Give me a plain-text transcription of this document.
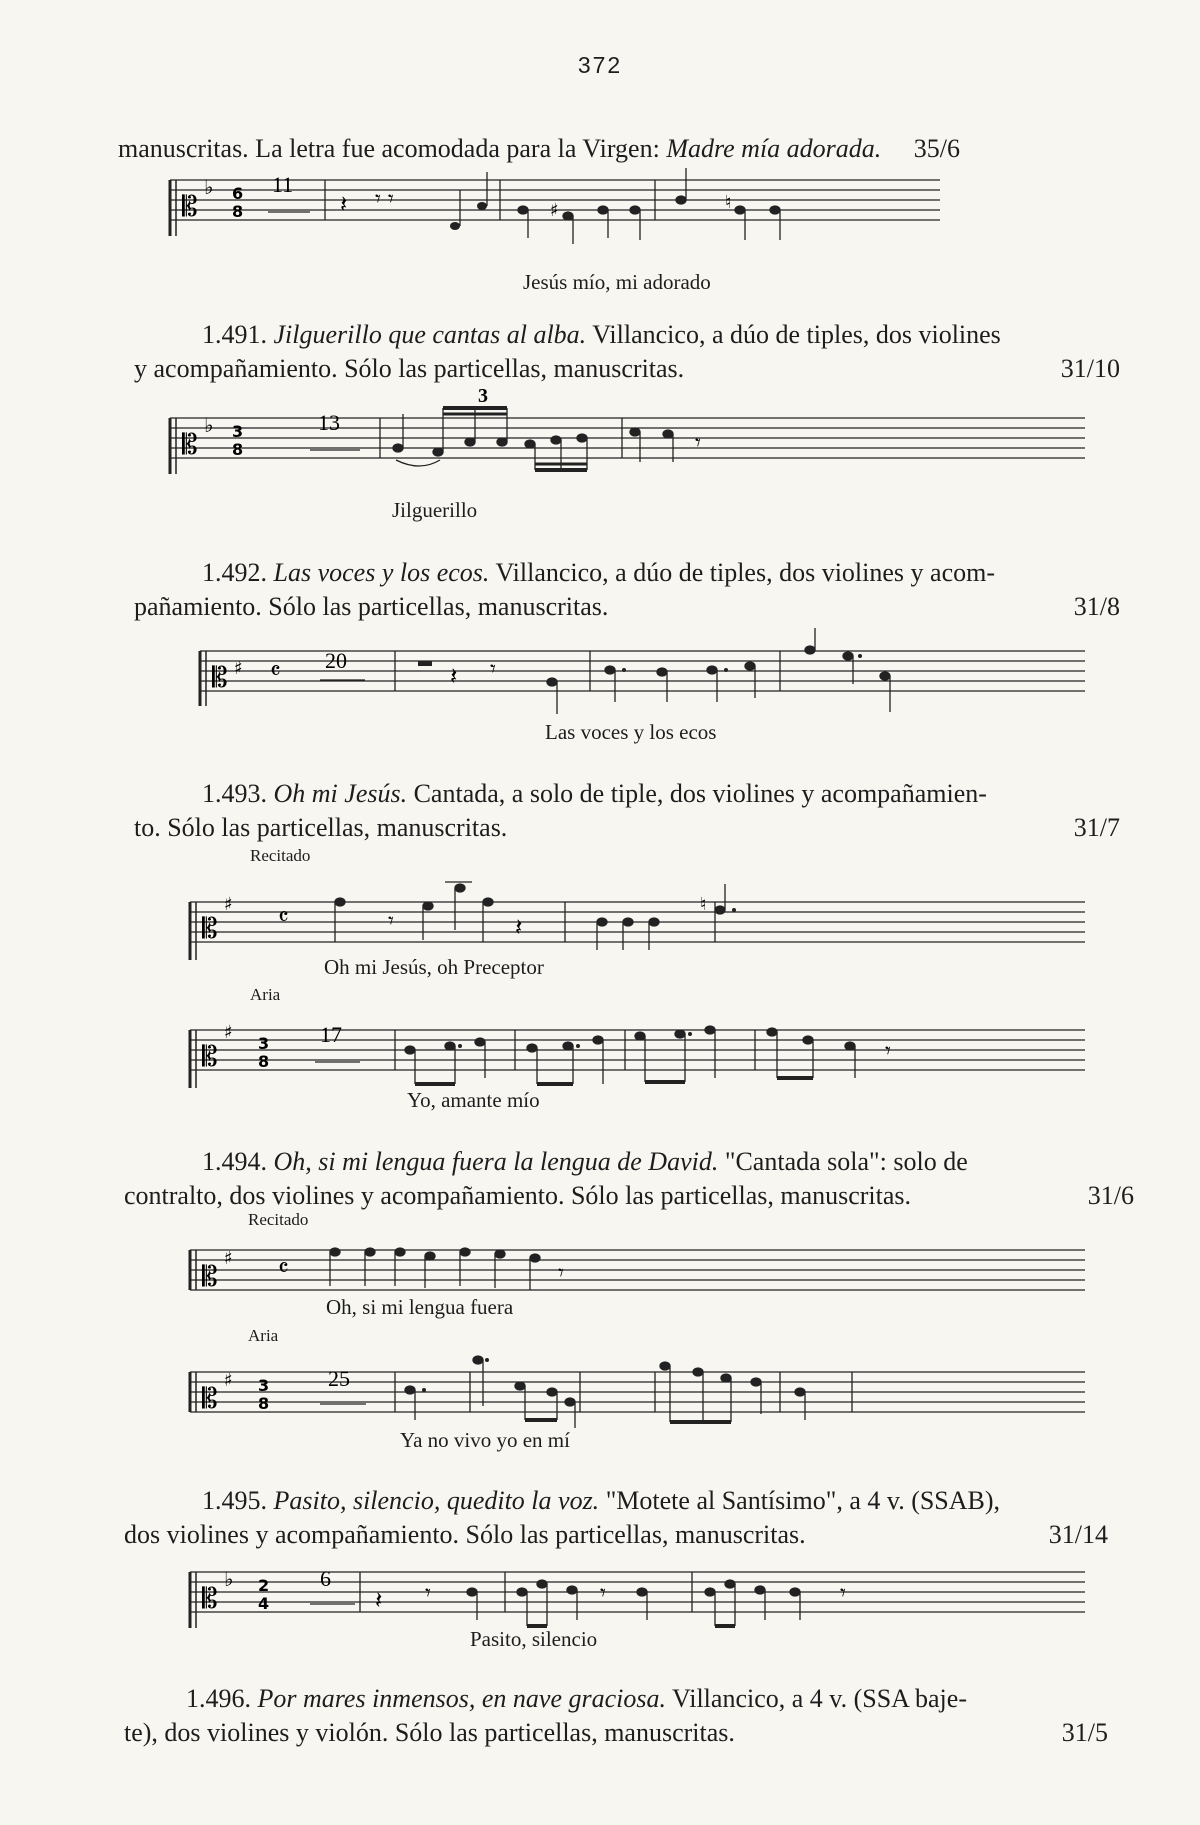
372
manuscritas. La letra fue acomodada para la Virgen: Madre mía adorada. 35/6
𝄡
♭ 6
8
11
𝄽 𝄾 𝄾	♯	♮
Jesús mío, mi adorado
1.491. Jilguerillo que cantas al alba. Villancico, a dúo de tiples, dos violines
y acompañamiento. Sólo las particellas, manuscritas.	31/10
𝄡
♭ 3
8
13
3
𝄾
Jilguerillo
1.492. Las voces y los ecos. Villancico, a dúo de tiples, dos violines y acom-
pañamiento. Sólo las particellas, manuscritas.	31/8
𝄡 ♯ 𝄴 20
𝄽 𝄾
Las voces y los ecos
1.493. Oh mi Jesús. Cantada, a solo de tiple, dos violines y acompañamien-
to. Sólo las particellas, manuscritas.	31/7
Recitado
𝄡
♯
𝄴	𝄾	𝄽
♮
Oh mi Jesús, oh Preceptor
Aria
𝄡
♯
3
8
17
𝄾
Yo, amante mío
1.494. Oh, si mi lengua fuera la lengua de David. "Cantada sola": solo de
contralto, dos violines y acompañamiento. Sólo las particellas, manuscritas.	31/6
Recitado
𝄡
♯ 𝄴	𝄾
Oh, si mi lengua fuera
Aria
𝄡
♯ 3
8
25
Ya no vivo yo en mí
1.495. Pasito, silencio, quedito la voz. "Motete al Santísimo", a 4 v. (SSAB),
dos violines y acompañamiento. Sólo las particellas, manuscritas.	31/14
𝄡
♭ 2
4
6
𝄽 𝄾	𝄾	𝄾
Pasito, silencio
1.496. Por mares inmensos, en nave graciosa. Villancico, a 4 v. (SSA baje-
te), dos violines y violón. Sólo las particellas, manuscritas.	31/5
